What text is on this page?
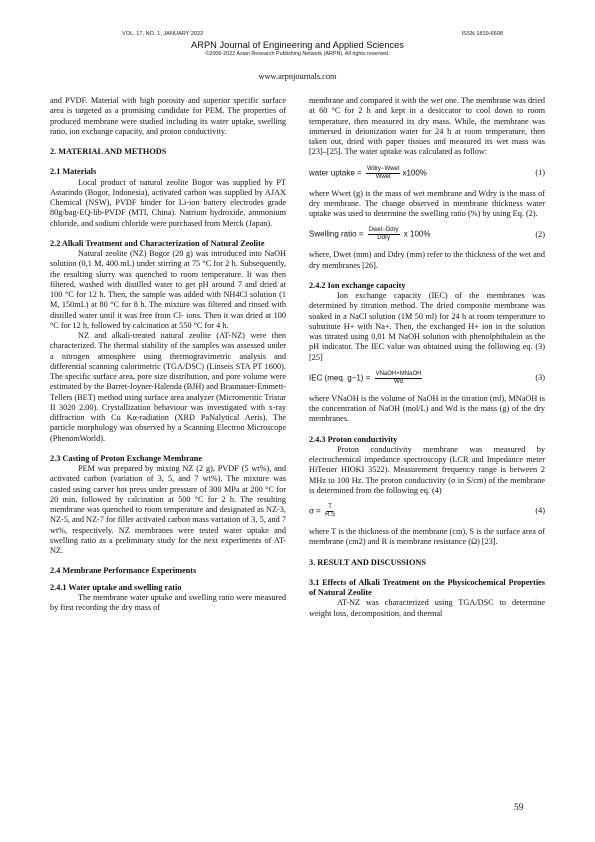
VOL. 17, NO. 1, JANUARY 2022	ISSN 1819-6608
ARPN Journal of Engineering and Applied Sciences
©2006-2022 Asian Research Publishing Network (ARPN). All rights reserved.
www.arpnjournals.com

and PVDF. Material with high porosity and superior specific surface area is targeted as a promising candidate for PEM. The properties of produced membrane were studied including its water uptake, swelling ratio, ion exchange capacity, and proton conductivity.

2. MATERIAL AND METHODS

2.1 Materials

Local product of natural zeolite Bogor was supplied by PT Astarindo (Bogor, Indonesia), activated carbon was supplied by AJAX Chemical (NSW), PVDF binder for Li-ion battery electrodes grade 80g/bag-EQ-lib-PVDF (MTI, China). Natrium hydroxide, ammonium chloride, and sodium chloride were purchased from Merck (Japan).

2.2 Alkali Treatment and Characterization of Natural Zeolite

Natural zeolite (NZ) Bogor (20 g) was introduced into NaOH solution (0,1 M, 400 mL) under stirring at 75 °C for 2 h. Subsequently, the resulting slurry was quenched to room temperature. It was then filtered, washed with distilled water to get pH around 7 and dried at 100 °C for 12 h. Then, the sample was added with NH4Cl solution (1 M, 150mL) at 80 °C for 8 h. The mixture was filtered and rinsed with distilled water until it was free from Cl- ions. Then it was dried at 100 °C for 12 h, followed by calcination at 550 °C for 4 h.

NZ and alkali-treated natural zeolite (AT-NZ) were then characterized. The thermal stability of the samples was assessed under a nitrogen atmosphere using thermogravimetric analysis and differential scanning calorimetric (TGA/DSC) (Linseis STA PT 1600). The specific surface area, pore size distribution, and pore volume were estimated by the Barret-Joyner-Halenda (BJH) and Braunauer-Emmett-Tellers (BET) method using surface area analyzer (Micromeritic Tristar II 3020 2.00). Crystallization behaviour was investigated with x-ray diffraction with Cu Kα-radiation (XRD PaNalytical Aeris). The particle morphology was observed by a Scanning Electron Microscope (PhenomWorld).

2.3 Casting of Proton Exchange Membrane

PEM was prepared by mixing NZ (2 g), PVDF (5 wt%), and activated carbon (variation of 3, 5, and 7 wt%). The mixture was casted using carver hot press under pressure of 300 MPa at 200 °C for 20 min, followed by calcination at 500 °C for 2 h. The resulting membrane was quenched to room temperature and designated as NZ-3, NZ-5, and NZ-7 for filler activated carbon mass variation of 3, 5, and 7 wt%, respectively. NZ membranes were tested water uptake and swelling ratio as a preliminary study for the next experiments of AT-NZ.

2.4 Membrane Performance Experiments

2.4.1 Water uptake and swelling ratio

The membrane water uptake and swelling ratio were measured by first recording the dry mass of

membrane and compared it with the wet one. The membrane was dried at 60 °C for 2 h and kept in a desiccator to cool down to room temperature, then measured its dry mass. While, the membrane was immersed in deionization water for 24 h at room temperature, then taken out, dried with paper tissues and measured its wet mass was [23]–[25]. The water uptake was calculated as follow:

water uptake = $\frac{\text{Wdry−Wwet}}{\text{Wwet}} x100\%$	(1)

where Wwet (g) is the mass of wet membrane and Wdry is the mass of dry membrane. The change observed in membrane thickness water uptake was used to determine the swelling ratio (%) by using Eq. (2).

Swelling ratio = $\frac{\text{Dwet−Ddry}}{\text{Ddry}}$ x 100%	(2)

where, Dwet (mm) and Ddry (mm) refer to the thickness of the wet and dry membranes [26].

2.4.2 Ion exchange capacity

Ion exchange capacity (IEC) of the membranes was determined by titration method. The dried composite membrane was soaked in a NaCl solution (1M 50 ml) for 24 h at room temperature to substitute H+ with Na+. Then, the exchanged H+ ion in the solution was titrated using 0,01 M NaOH solution with phenolphthalein as the pH indicator. The IEC value was obtained using the following eq. (3) [25]

IEC (meq. $g-1) = \frac{\text{VNaOH×MNaOH}}{Wd}$	(3)

where VNaOH is the volume of NaOH in the titration (ml), MNaOH is the concentration of NaOH (mol/L) and Wd is the mass (g) of the dry membranes.

2.4.3 Proton conductivity

Proton conductivity membrane was measured by electrochemical impedance spectroscopy (LCR and Impedance meter HiTester HIOKI 3522). Measurement frequency range is between 2 MHz to 100 Hz. The proton conductivity (σ in S/cm) of the membrane is determined from the following eq. (4)

$\sigma = \frac{T}{R.S}$	(4)

where T is the thickness of the membrane (cm), S is the surface area of membrane (cm2) and R is membrane resistance (Ω) [23].

3. RESULT AND DISCUSSIONS

3.1 Effects of Alkali Treatment on the Physicochemical Properties of Natural Zeolite

AT-NZ was characterized using TGA/DSC to determine weight loss, decomposition, and thermal

59
